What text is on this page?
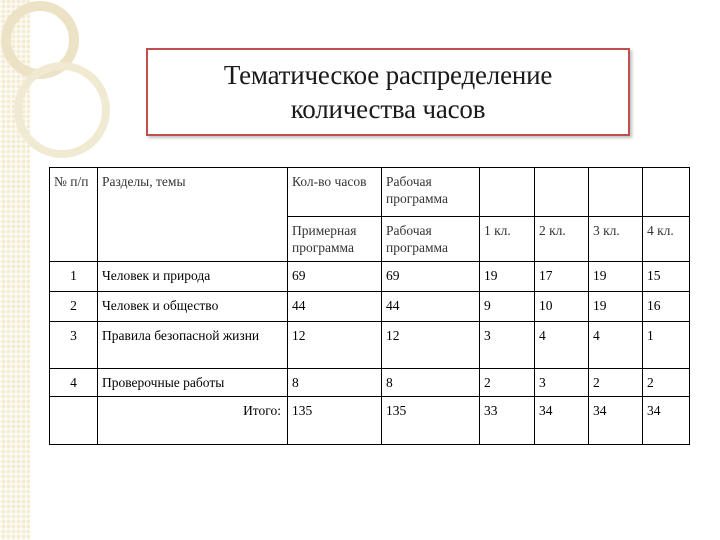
Тематическое распределение
количества часов
№ п/п	Разделы, темы	Кол-во часов	Рабочая программа				
		Примерная программа	Рабочая программа	1 кл.	2 кл.	3 кл.	4 кл.
1	Человек и природа	69	69	19	17	19	15
2	Человек и общество	44	44	9	10	19	16
3	Правила безопасной жизни	12	12	3	4	4	1
4	Проверочные работы	8	8	2	3	2	2
	Итого:	135	135	33	34	34	34
